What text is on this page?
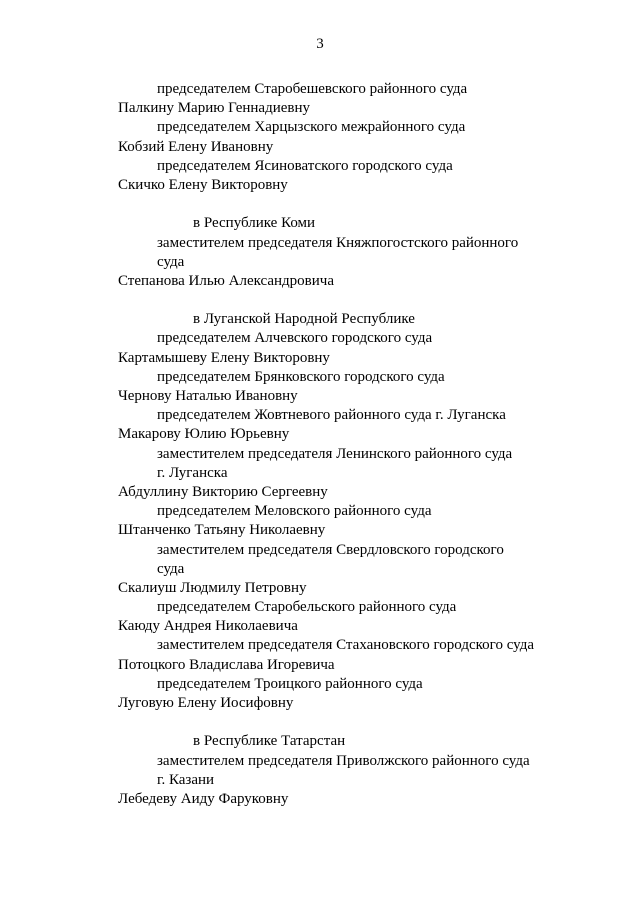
3
председателем Старобешевского районного суда
Палкину Марию Геннадиевну
председателем Харцызского межрайонного суда
Кобзий Елену Ивановну
председателем Ясиноватского городского суда
Скичко Елену Викторовну
в Республике Коми
заместителем председателя Княжпогостского районного
суда
Степанова Илью Александровича
в Луганской Народной Республике
председателем Алчевского городского суда
Картамышеву Елену Викторовну
председателем Брянковского городского суда
Чернову Наталью Ивановну
председателем Жовтневого районного суда г. Луганска
Макарову Юлию Юрьевну
заместителем председателя Ленинского районного суда
г. Луганска
Абдуллину Викторию Сергеевну
председателем Меловского районного суда
Штанченко Татьяну Николаевну
заместителем председателя Свердловского городского
суда
Скалиуш Людмилу Петровну
председателем Старобельского районного суда
Каюду Андрея Николаевича
заместителем председателя Стахановского городского суда
Потоцкого Владислава Игоревича
председателем Троицкого районного суда
Луговую Елену Иосифовну
в Республике Татарстан
заместителем председателя Приволжского районного суда
г. Казани
Лебедеву Аиду Фаруковну
